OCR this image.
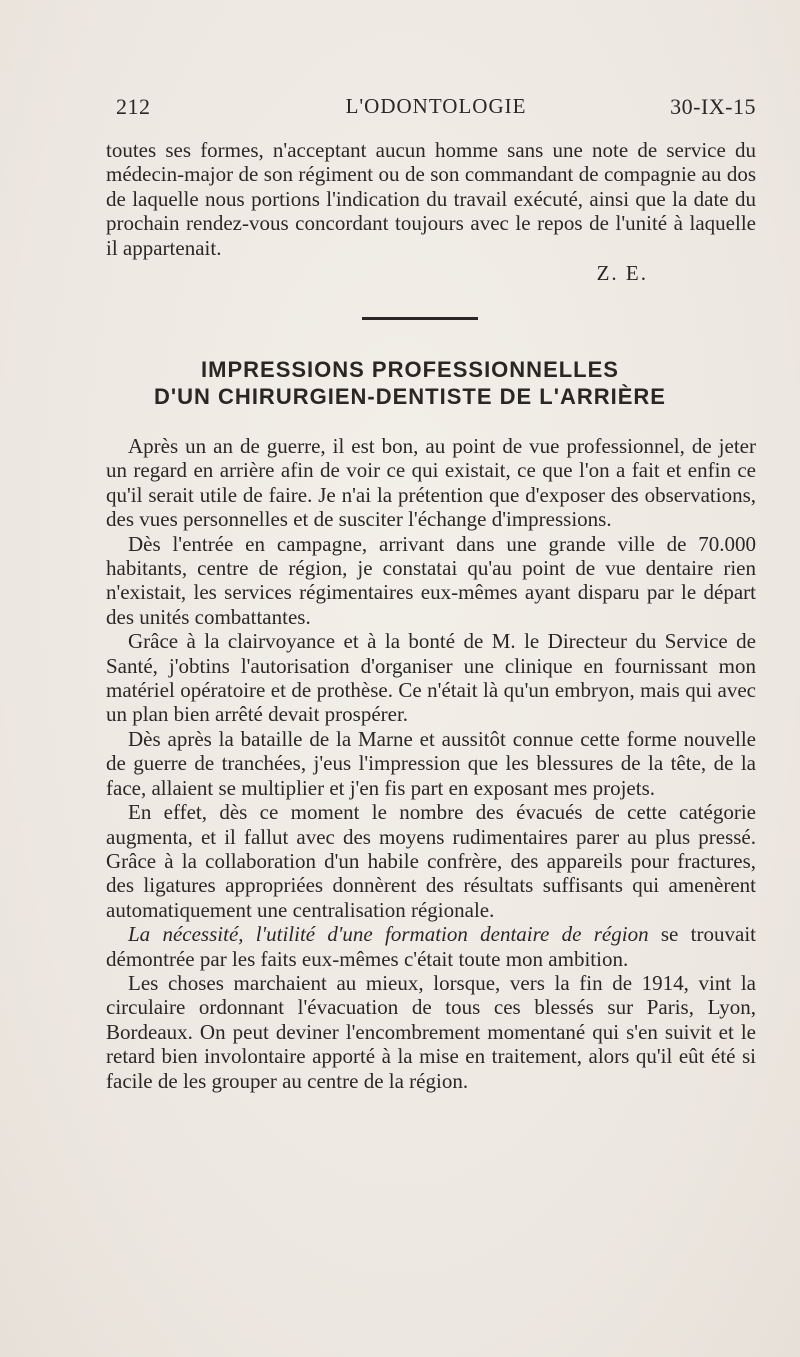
212	L'ODONTOLOGIE	30-IX-15

toutes ses formes, n'acceptant aucun homme sans une note de service du médecin-major de son régiment ou de son commandant de compagnie au dos de laquelle nous portions l'indication du travail exécuté, ainsi que la date du prochain rendez-vous concordant toujours avec le repos de l'unité à laquelle il appartenait.

Z. E.
IMPRESSIONS PROFESSIONNELLES
D'UN CHIRURGIEN-DENTISTE DE L'ARRIÈRE

Après un an de guerre, il est bon, au point de vue professionnel, de jeter un regard en arrière afin de voir ce qui existait, ce que l'on a fait et enfin ce qu'il serait utile de faire. Je n'ai la prétention que d'exposer des observations, des vues personnelles et de susciter l'échange d'impressions.

Dès l'entrée en campagne, arrivant dans une grande ville de 70.000 habitants, centre de région, je constatai qu'au point de vue dentaire rien n'existait, les services régimentaires eux-mêmes ayant disparu par le départ des unités combattantes.

Grâce à la clairvoyance et à la bonté de M. le Directeur du Service de Santé, j'obtins l'autorisation d'organiser une clinique en fournissant mon matériel opératoire et de prothèse. Ce n'était là qu'un embryon, mais qui avec un plan bien arrêté devait prospérer.

Dès après la bataille de la Marne et aussitôt connue cette forme nouvelle de guerre de tranchées, j'eus l'impression que les blessures de la tête, de la face, allaient se multiplier et j'en fis part en exposant mes projets.

En effet, dès ce moment le nombre des évacués de cette catégorie augmenta, et il fallut avec des moyens rudimentaires parer au plus pressé. Grâce à la collaboration d'un habile confrère, des appareils pour fractures, des ligatures appropriées donnèrent des résultats suffisants qui amenèrent automatiquement une centralisation régionale.

La nécessité, l'utilité d'une formation dentaire de région se trouvait démontrée par les faits eux-mêmes c'était toute mon ambition.

Les choses marchaient au mieux, lorsque, vers la fin de 1914, vint la circulaire ordonnant l'évacuation de tous ces blessés sur Paris, Lyon, Bordeaux. On peut deviner l'encombrement momentané qui s'en suivit et le retard bien involontaire apporté à la mise en traitement, alors qu'il eût été si facile de les grouper au centre de la région.
